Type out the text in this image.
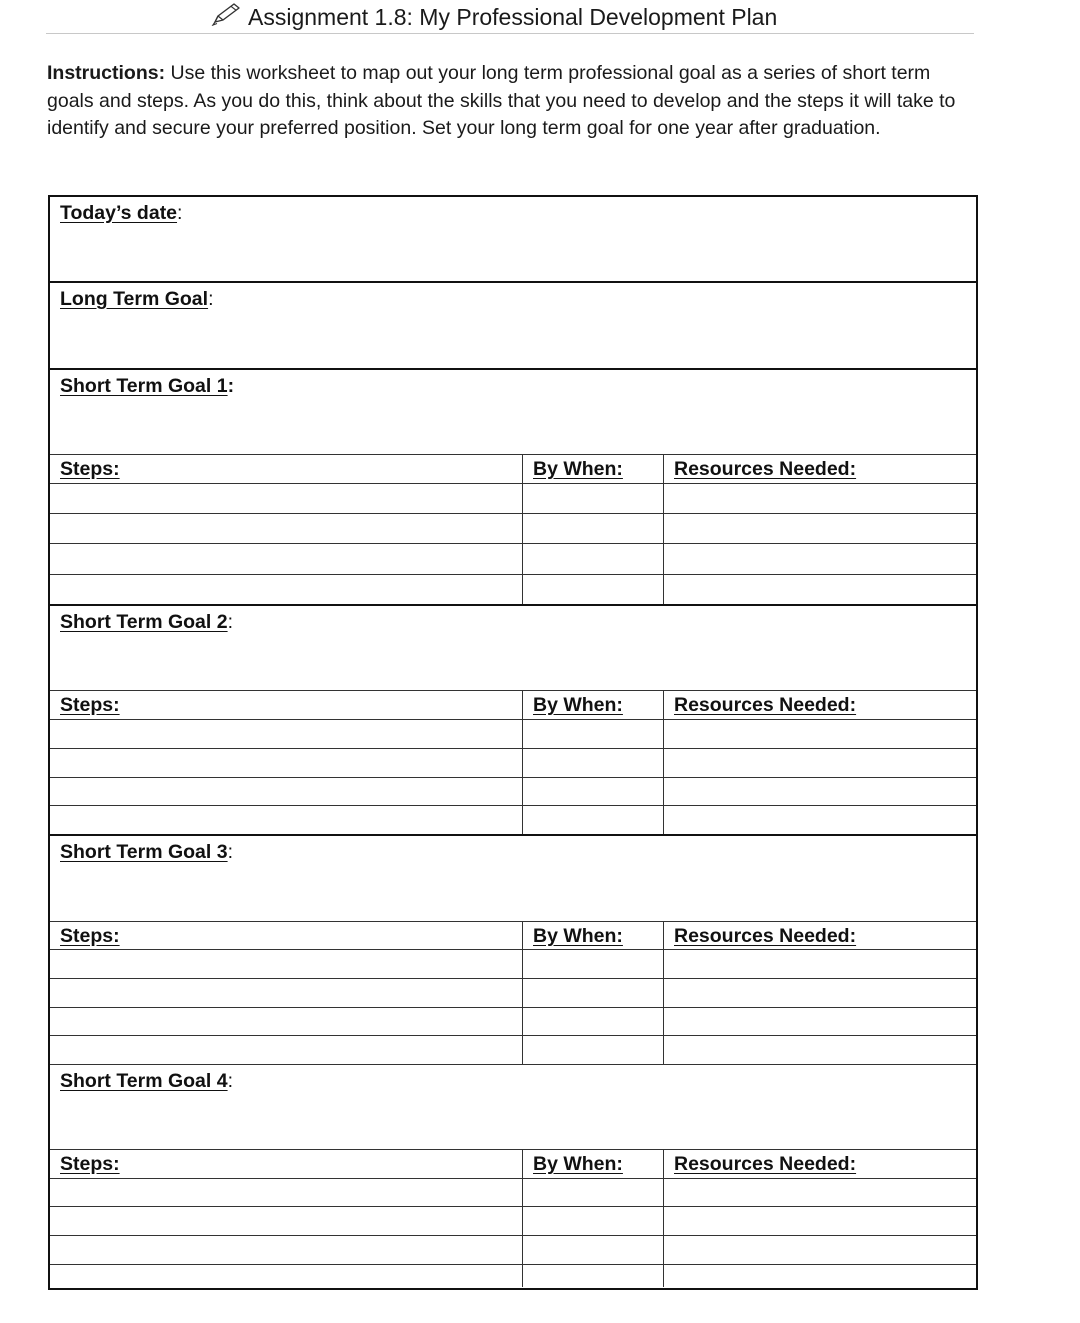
Assignment 1.8: My Professional Development Plan
Instructions: Use this worksheet to map out your long term professional goal as a series of short term goals and steps. As you do this, think about the skills that you need to develop and the steps it will take to identify and secure your preferred position. Set your long term goal for one year after graduation.
Today’s date:
Long Term Goal:
Short Term Goal 1:
Steps:	By When:	Resources Needed:
Short Term Goal 2:
Steps:	By When:	Resources Needed:
Short Term Goal 3:
Steps:	By When:	Resources Needed:
Short Term Goal 4:
Steps:	By When:	Resources Needed:
